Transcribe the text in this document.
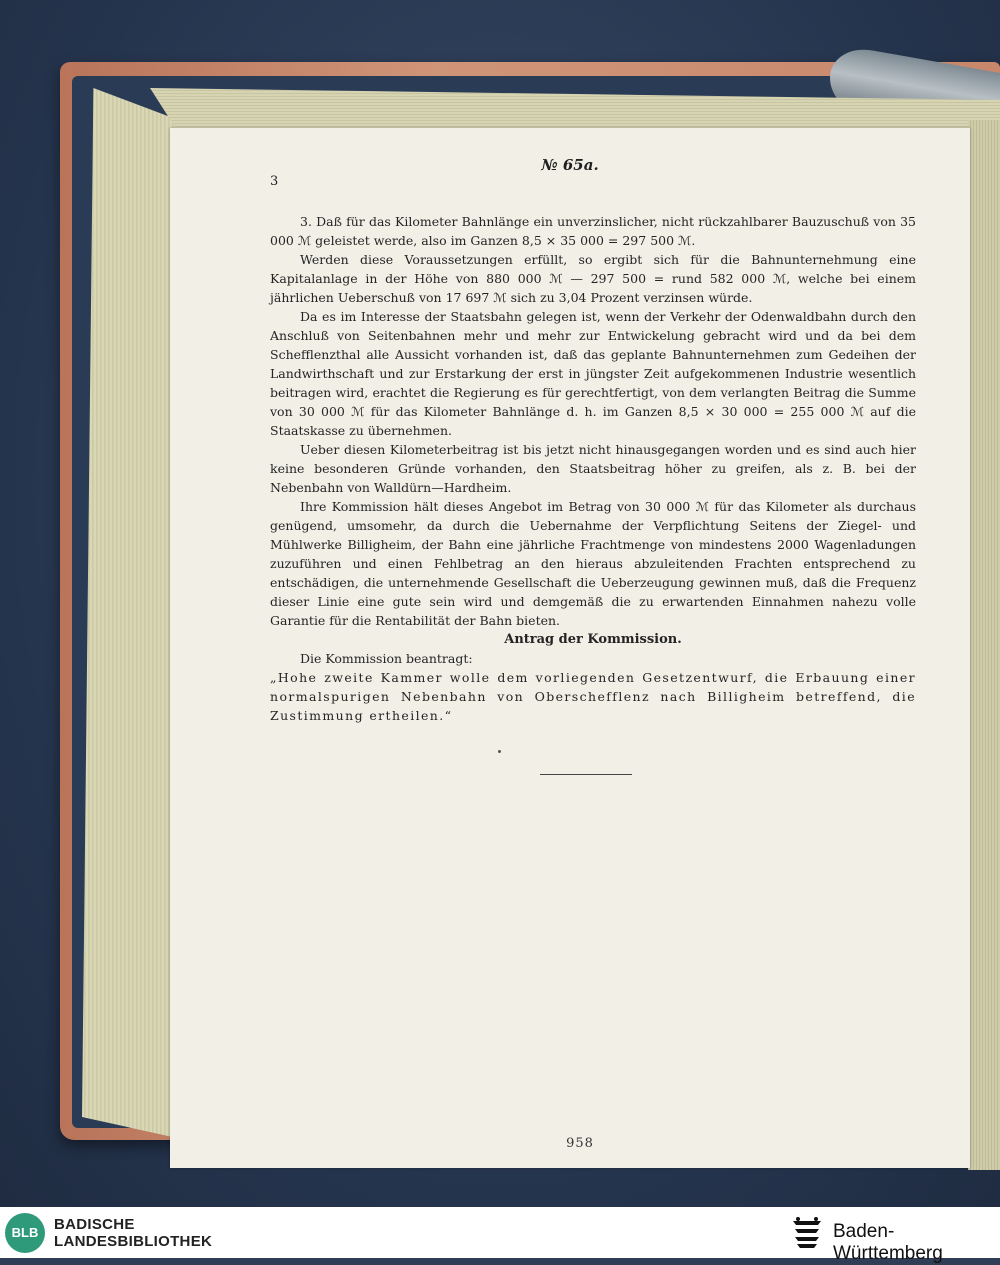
3
№ 65a.

3. Daß für das Kilometer Bahnlänge ein unverzinslicher, nicht rückzahlbarer Bauzuschuß von 35 000 ℳ geleistet werde, also im Ganzen 8,5 × 35 000 = 297 500 ℳ.

Werden diese Voraussetzungen erfüllt, so ergibt sich für die Bahnunternehmung eine Kapitalanlage in der Höhe von 880 000 ℳ — 297 500 = rund 582 000 ℳ, welche bei einem jährlichen Ueberschuß von 17 697 ℳ sich zu 3,04 Prozent verzinsen würde.

Da es im Interesse der Staatsbahn gelegen ist, wenn der Verkehr der Odenwaldbahn durch den Anschluß von Seitenbahnen mehr und mehr zur Entwickelung gebracht wird und da bei dem Schefflenzthal alle Aussicht vorhanden ist, daß das geplante Bahnunternehmen zum Gedeihen der Landwirthschaft und zur Erstarkung der erst in jüngster Zeit aufgekommenen Industrie wesentlich beitragen wird, erachtet die Regierung es für gerechtfertigt, von dem verlangten Beitrag die Summe von 30 000 ℳ für das Kilometer Bahnlänge d. h. im Ganzen 8,5 × 30 000 = 255 000 ℳ auf die Staatskasse zu übernehmen.

Ueber diesen Kilometerbeitrag ist bis jetzt nicht hinausgegangen worden und es sind auch hier keine besonderen Gründe vorhanden, den Staatsbeitrag höher zu greifen, als z. B. bei der Nebenbahn von Walldürn—Hardheim.

Ihre Kommission hält dieses Angebot im Betrag von 30 000 ℳ für das Kilometer als durchaus genügend, umsomehr, da durch die Uebernahme der Verpflichtung Seitens der Ziegel- und Mühlwerke Billigheim, der Bahn eine jährliche Frachtmenge von mindestens 2000 Wagenladungen zuzuführen und einen Fehlbetrag an den hieraus abzuleitenden Frachten entsprechend zu entschädigen, die unternehmende Gesellschaft die Ueberzeugung gewinnen muß, daß die Frequenz dieser Linie eine gute sein wird und demgemäß die zu erwartenden Einnahmen nahezu volle Garantie für die Rentabilität der Bahn bieten.

Antrag der Kommission.

Die Kommission beantragt:

„Hohe zweite Kammer wolle dem vorliegenden Gesetzentwurf, die Erbauung einer normalspurigen Nebenbahn von Oberschefflenz nach Billigheim betreffend, die Zustimmung ertheilen.“

958
BLB	BADISCHE
LANDESBIBLIOTHEK	Baden-Württemberg
